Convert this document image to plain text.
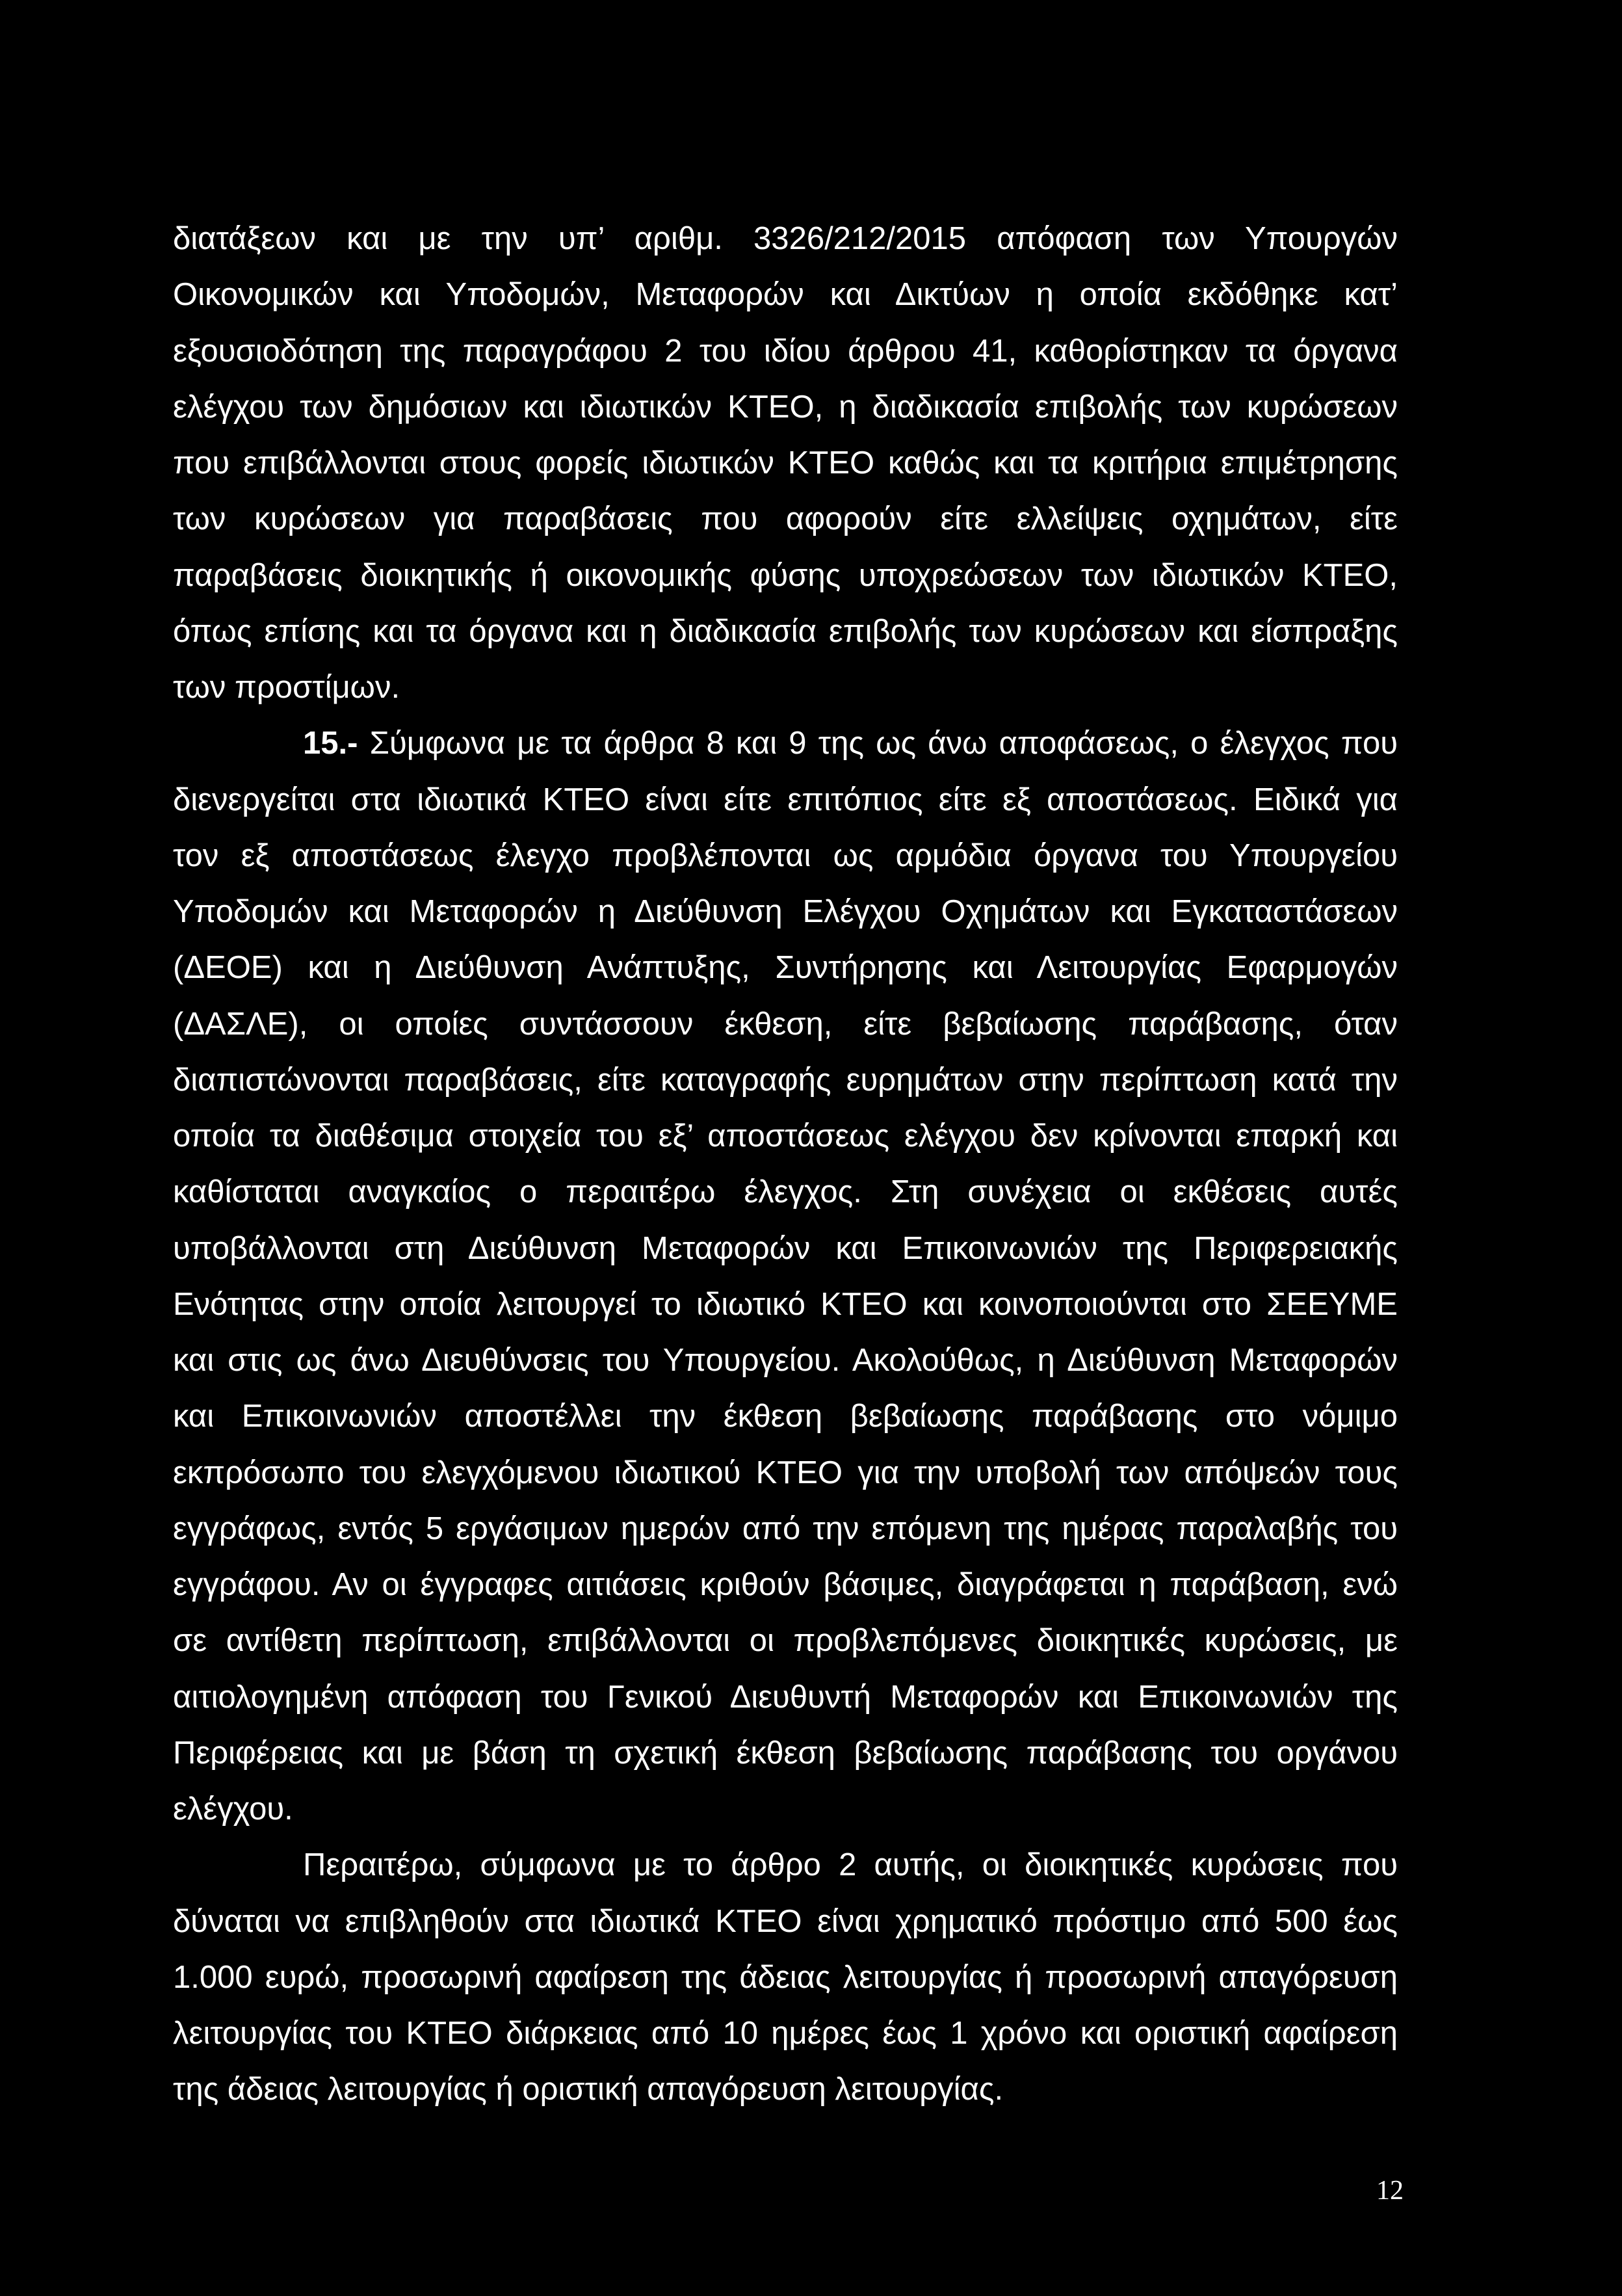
διατάξεων και με την υπ’ αριθμ. 3326/212/2015 απόφαση των Υπουργών
Οικονομικών και Υποδομών, Μεταφορών και Δικτύων η οποία εκδόθηκε κατ’
εξουσιοδότηση της παραγράφου 2 του ιδίου άρθρου 41, καθορίστηκαν τα όργανα
ελέγχου των δημόσιων και ιδιωτικών ΚΤΕΟ, η διαδικασία επιβολής των κυρώσεων
που επιβάλλονται στους φορείς ιδιωτικών ΚΤΕΟ καθώς και τα κριτήρια επιμέτρησης
των κυρώσεων για παραβάσεις που αφορούν είτε ελλείψεις οχημάτων, είτε
παραβάσεις διοικητικής ή οικονομικής φύσης υποχρεώσεων των ιδιωτικών ΚΤΕΟ,
όπως επίσης και τα όργανα και η διαδικασία επιβολής των κυρώσεων και είσπραξης
των προστίμων.
15.- Σύμφωνα με τα άρθρα 8 και 9 της ως άνω αποφάσεως, ο έλεγχος που
διενεργείται στα ιδιωτικά ΚΤΕΟ είναι είτε επιτόπιος είτε εξ αποστάσεως. Ειδικά για
τον εξ αποστάσεως έλεγχο προβλέπονται ως αρμόδια όργανα του Υπουργείου
Υποδομών και Μεταφορών η Διεύθυνση Ελέγχου Οχημάτων και Εγκαταστάσεων
(ΔΕΟΕ) και η Διεύθυνση Ανάπτυξης, Συντήρησης και Λειτουργίας Εφαρμογών
(ΔΑΣΛΕ), οι οποίες συντάσσουν έκθεση, είτε βεβαίωσης παράβασης, όταν
διαπιστώνονται παραβάσεις, είτε καταγραφής ευρημάτων στην περίπτωση κατά την
οποία τα διαθέσιμα στοιχεία του εξ’ αποστάσεως ελέγχου δεν κρίνονται επαρκή και
καθίσταται αναγκαίος ο περαιτέρω έλεγχος. Στη συνέχεια οι εκθέσεις αυτές
υποβάλλονται στη Διεύθυνση Μεταφορών και Επικοινωνιών της Περιφερειακής
Ενότητας στην οποία λειτουργεί το ιδιωτικό ΚΤΕΟ και κοινοποιούνται στο ΣΕΕΥΜΕ
και στις ως άνω Διευθύνσεις του Υπουργείου. Ακολούθως, η Διεύθυνση Μεταφορών
και Επικοινωνιών αποστέλλει την έκθεση βεβαίωσης παράβασης στο νόμιμο
εκπρόσωπο του ελεγχόμενου ιδιωτικού ΚΤΕΟ για την υποβολή των απόψεών τους
εγγράφως, εντός 5 εργάσιμων ημερών από την επόμενη της ημέρας παραλαβής του
εγγράφου. Αν οι έγγραφες αιτιάσεις κριθούν βάσιμες, διαγράφεται η παράβαση, ενώ
σε αντίθετη περίπτωση, επιβάλλονται οι προβλεπόμενες διοικητικές κυρώσεις, με
αιτιολογημένη απόφαση του Γενικού Διευθυντή Μεταφορών και Επικοινωνιών της
Περιφέρειας και με βάση τη σχετική έκθεση βεβαίωσης παράβασης του οργάνου
ελέγχου.
Περαιτέρω, σύμφωνα με το άρθρο 2 αυτής, οι διοικητικές κυρώσεις που
δύναται να επιβληθούν στα ιδιωτικά ΚΤΕΟ είναι χρηματικό πρόστιμο από 500 έως
1.000 ευρώ, προσωρινή αφαίρεση της άδειας λειτουργίας ή προσωρινή απαγόρευση
λειτουργίας του ΚΤΕΟ διάρκειας από 10 ημέρες έως 1 χρόνο και οριστική αφαίρεση
της άδειας λειτουργίας ή οριστική απαγόρευση λειτουργίας.
12
